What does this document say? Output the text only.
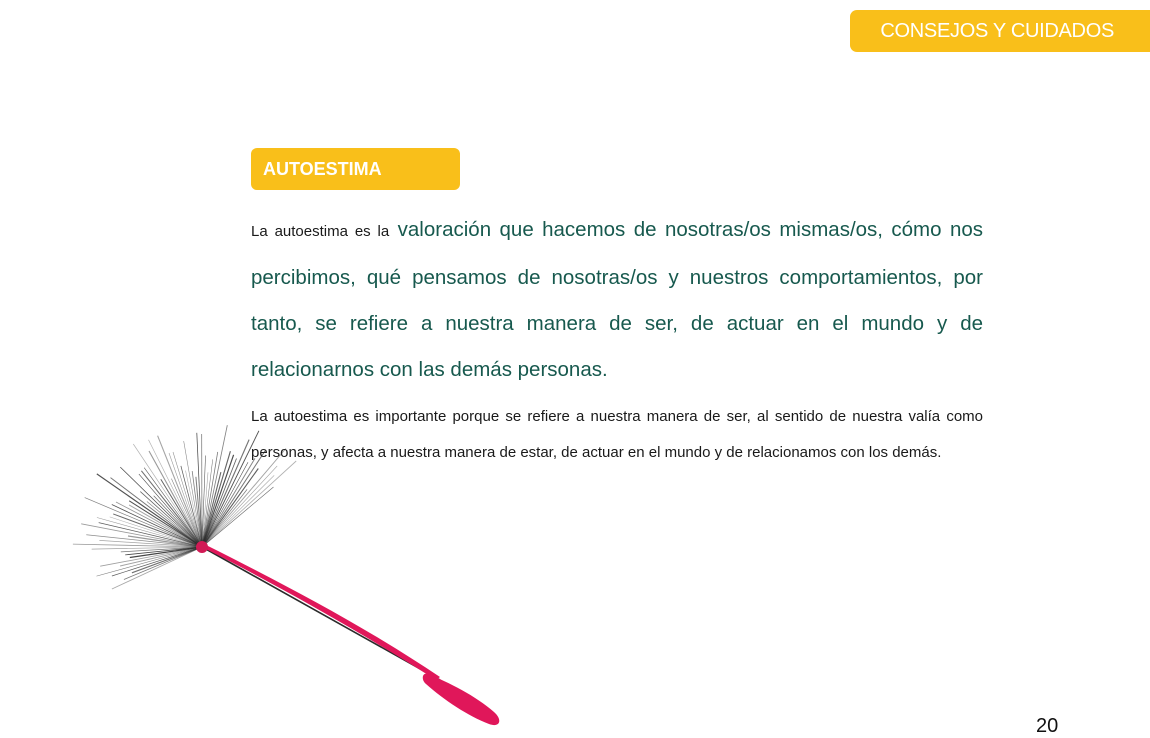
CONSEJOS Y CUIDADOS
AUTOESTIMA

La autoestima es la valoración que hacemos de nosotras/os mismas/os, cómo nos percibimos, qué pensamos de nosotras/os y nuestros comportamientos, por tanto, se refiere a nuestra manera de ser, de actuar en el mundo y de relacionarnos con las demás personas.

La autoestima es importante porque se refiere a nuestra manera de ser, al sentido de nuestra valía como personas, y afecta a nuestra manera de estar, de actuar en el mundo y de relacionamos con los demás.

20
